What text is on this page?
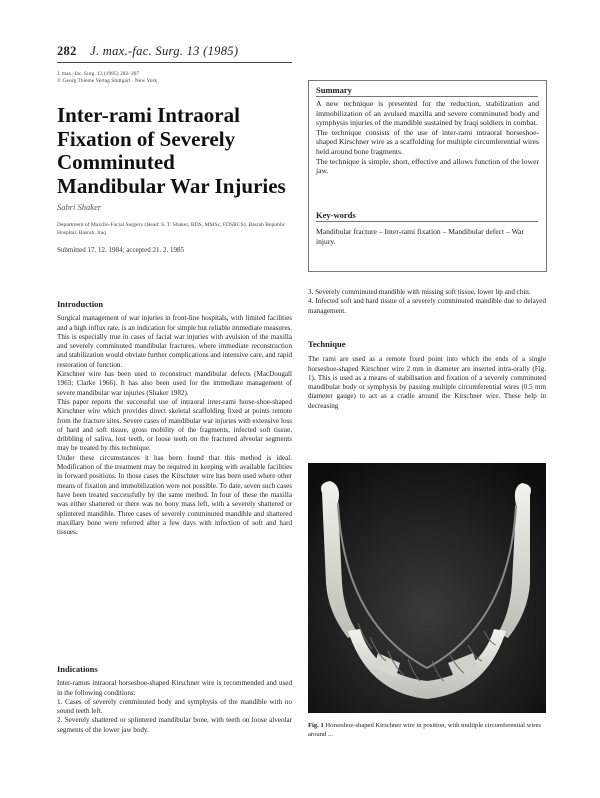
282 J. max.-fac. Surg. 13 (1985)
J. max.-fac. Surg. 13 (1985) 282–287
© Georg Thieme Verlag Stuttgart · New York
Inter-rami Intraoral Fixation of Severely Comminuted Mandibular War Injuries
Sabri Shaker
Department of Maxillo-Facial Surgery (Head: S. T. Shaker, BDS, MMSc, FDSRCS), Basrah Republic Hospital, Basrah, Iraq
Submitted 17. 12. 1984; accepted 21. 2. 1985
Summary

A new technique is presented for the reduction, stabilization and immobilization of an avulsed maxilla and severe comminuted body and symphysis injuries of the mandible sustained by Iraqi soldiers in combat.

The technique consists of the use of inter-rami intraoral horseshoe-shaped Kirschner wire as a scaffolding for multiple circumferential wires held around bone fragments.

The technique is simple, short, effective and allows function of the lower jaw.

Key-words
Mandibular fracture – Inter-rami fixation – Mandibular defect – War injury.
Introduction

Surgical management of war injuries in front-line hospitals, with limited facilities and a high influx rate, is an indication for simple but reliable immediate measures. This is especially true in cases of facial war injuries with avulsion of the maxilla and severely comminuted mandibular fractures, where immediate reconstruction and stabilization would obviate further complications and intensive care, and rapid restoration of function.

Kirschner wire has been used to reconstruct mandibular defects (MacDougall 1963; Clarke 1966). It has also been used for the immediate management of severe mandibular war injuries (Shaker 1982).

This paper reports the successful use of intraoral inter-rami horse-shoe-shaped Kirschner wire which provides direct skeletal scaffolding fixed at points remote from the fracture sites. Severe cases of mandibular war injuries with extensive loss of hard and soft tissue, gross mobility of the fragments, infected soft tissue, dribbling of saliva, lost teeth, or loose teeth on the fractured alveolar segments may be treated by this technique.

Under these circumstances it has been found that this method is ideal. Modification of the treatment may be required in keeping with available facilities in forward positions. In those cases the Kirschner wire has been used where other means of fixation and immobilization were not possible. To date, seven such cases have been treated successfully by the same method. In four of these the maxilla was either shattered or there was no bony mass left, with a severely shattered or splintered mandible. Three cases of severely comminuted mandible and shattered maxillary bone were referred after a few days with infection of soft and hard tissues.

Indications

Inter-ramus intraoral horseshoe-shaped Kirschner wire is recommended and used in the following conditions:

1. Cases of severely comminuted body and symphysis of the mandible with no sound teeth left.

2. Severely shattered or splintered mandibular bone, with teeth on loose alveolar segments of the lower jaw body.

3. Severely comminuted mandible with missing soft tissue, lower lip and chin.

4. Infected soft and hard tissue of a severely comminuted mandible due to delayed management.

Technique

The rami are used as a remote fixed point into which the ends of a single horseshoe-shaped Kirschner wire 2 mm in diameter are inserted intra-orally (Fig. 1). This is used as a means of stabilisation and fixation of a severely comminuted mandibular body or symphysis by passing multiple circumferential wires (0.5 mm diameter gauge) to act as a cradle around the Kirschner wire. These help in decreasing

Fig. 1 Horseshoe-shaped Kirschner wire in position, with multiple circumferential wires around ...
